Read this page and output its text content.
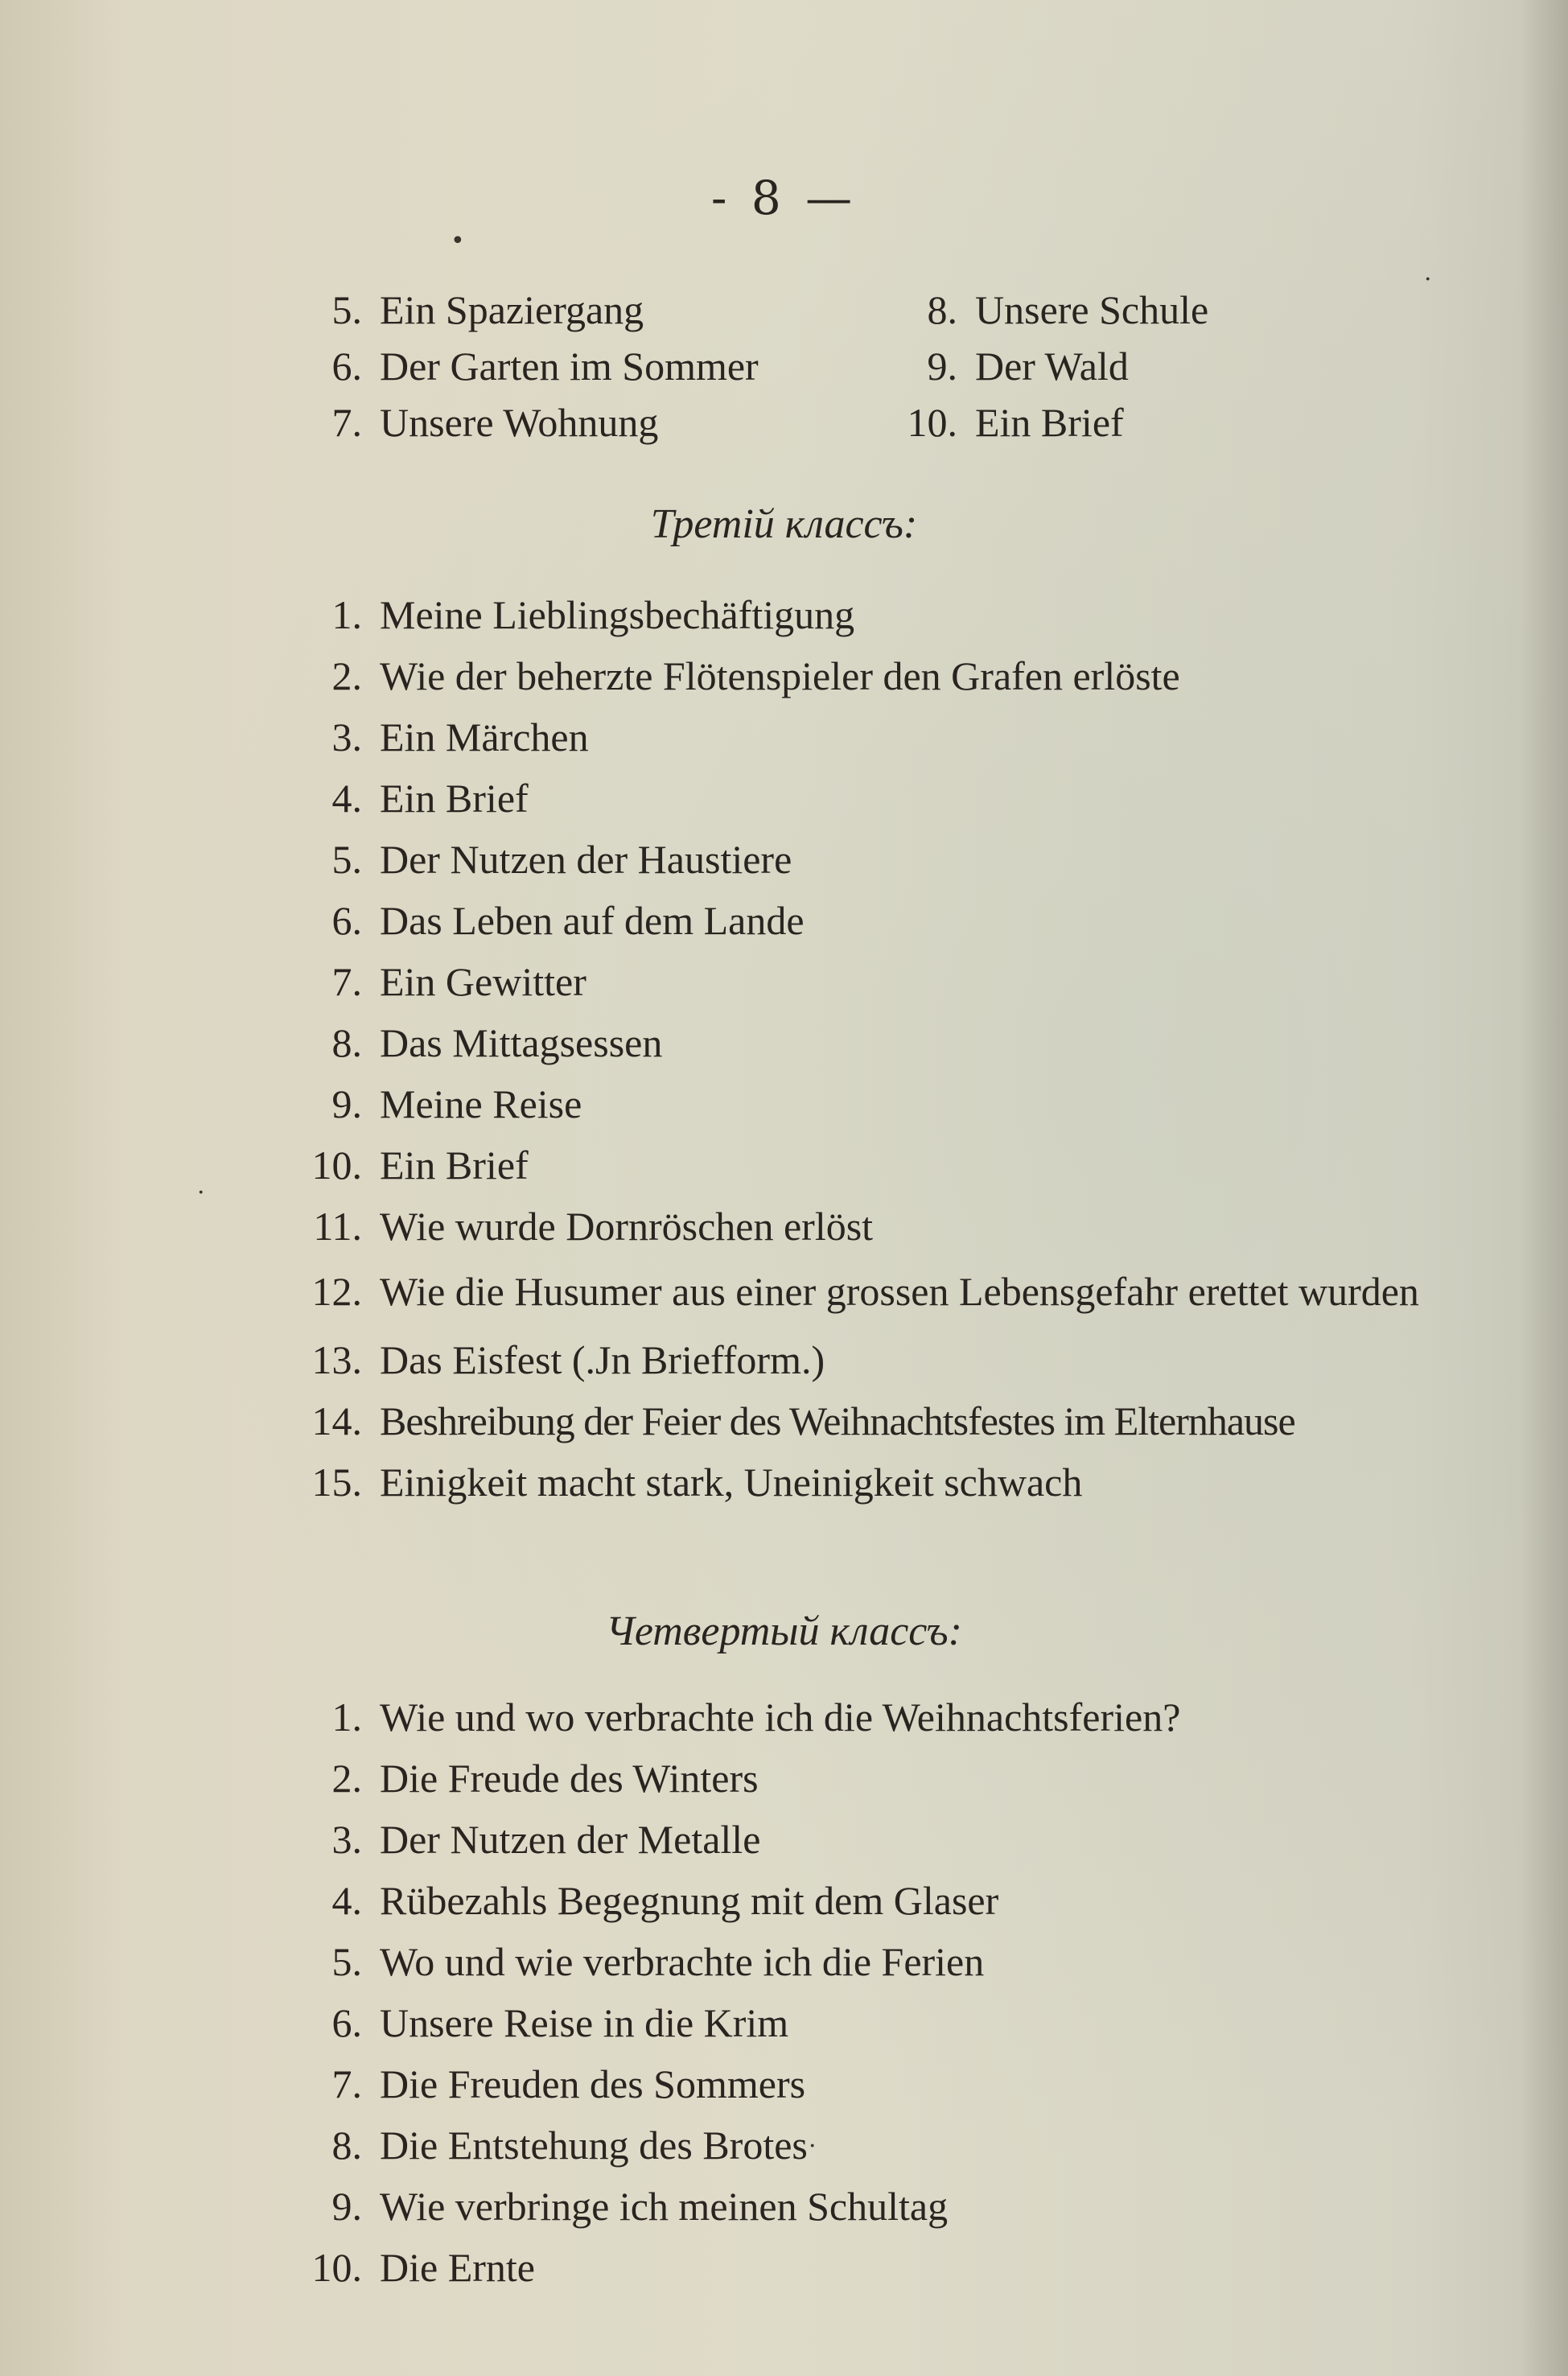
•
·
·
·
- 8 —
5. Ein Spaziergang
6. Der Garten im Sommer
7. Unsere Wohnung
8. Unsere Schule
9. Der Wald
10. Ein Brief
Третій классъ:
1. Meine Lieblingsbechäftigung
2. Wie der beherzte Flötenspieler den Grafen erlöste
3. Ein Märchen
4. Ein Brief
5. Der Nutzen der Haustiere
6. Das Leben auf dem Lande
7. Ein Gewitter
8. Das Mittagsessen
9. Meine Reise
10. Ein Brief
11. Wie wurde Dornröschen erlöst
12. Wie die Husumer aus einer grossen Lebensgefahr erettet wurden
13. Das Eisfest (.Jn Briefform.)
14. Beshreibung der Feier des Weihnachtsfestes im Elternhause
15. Einigkeit macht stark, Uneinigkeit schwach
Четвертый классъ:
1. Wie und wo verbrachte ich die Weihnachtsferien?
2. Die Freude des Winters
3. Der Nutzen der Metalle
4. Rübezahls Begegnung mit dem Glaser
5. Wo und wie verbrachte ich die Ferien
6. Unsere Reise in die Krim
7. Die Freuden des Sommers
8. Die Entstehung des Brotes
9. Wie verbringe ich meinen Schultag
10. Die Ernte
